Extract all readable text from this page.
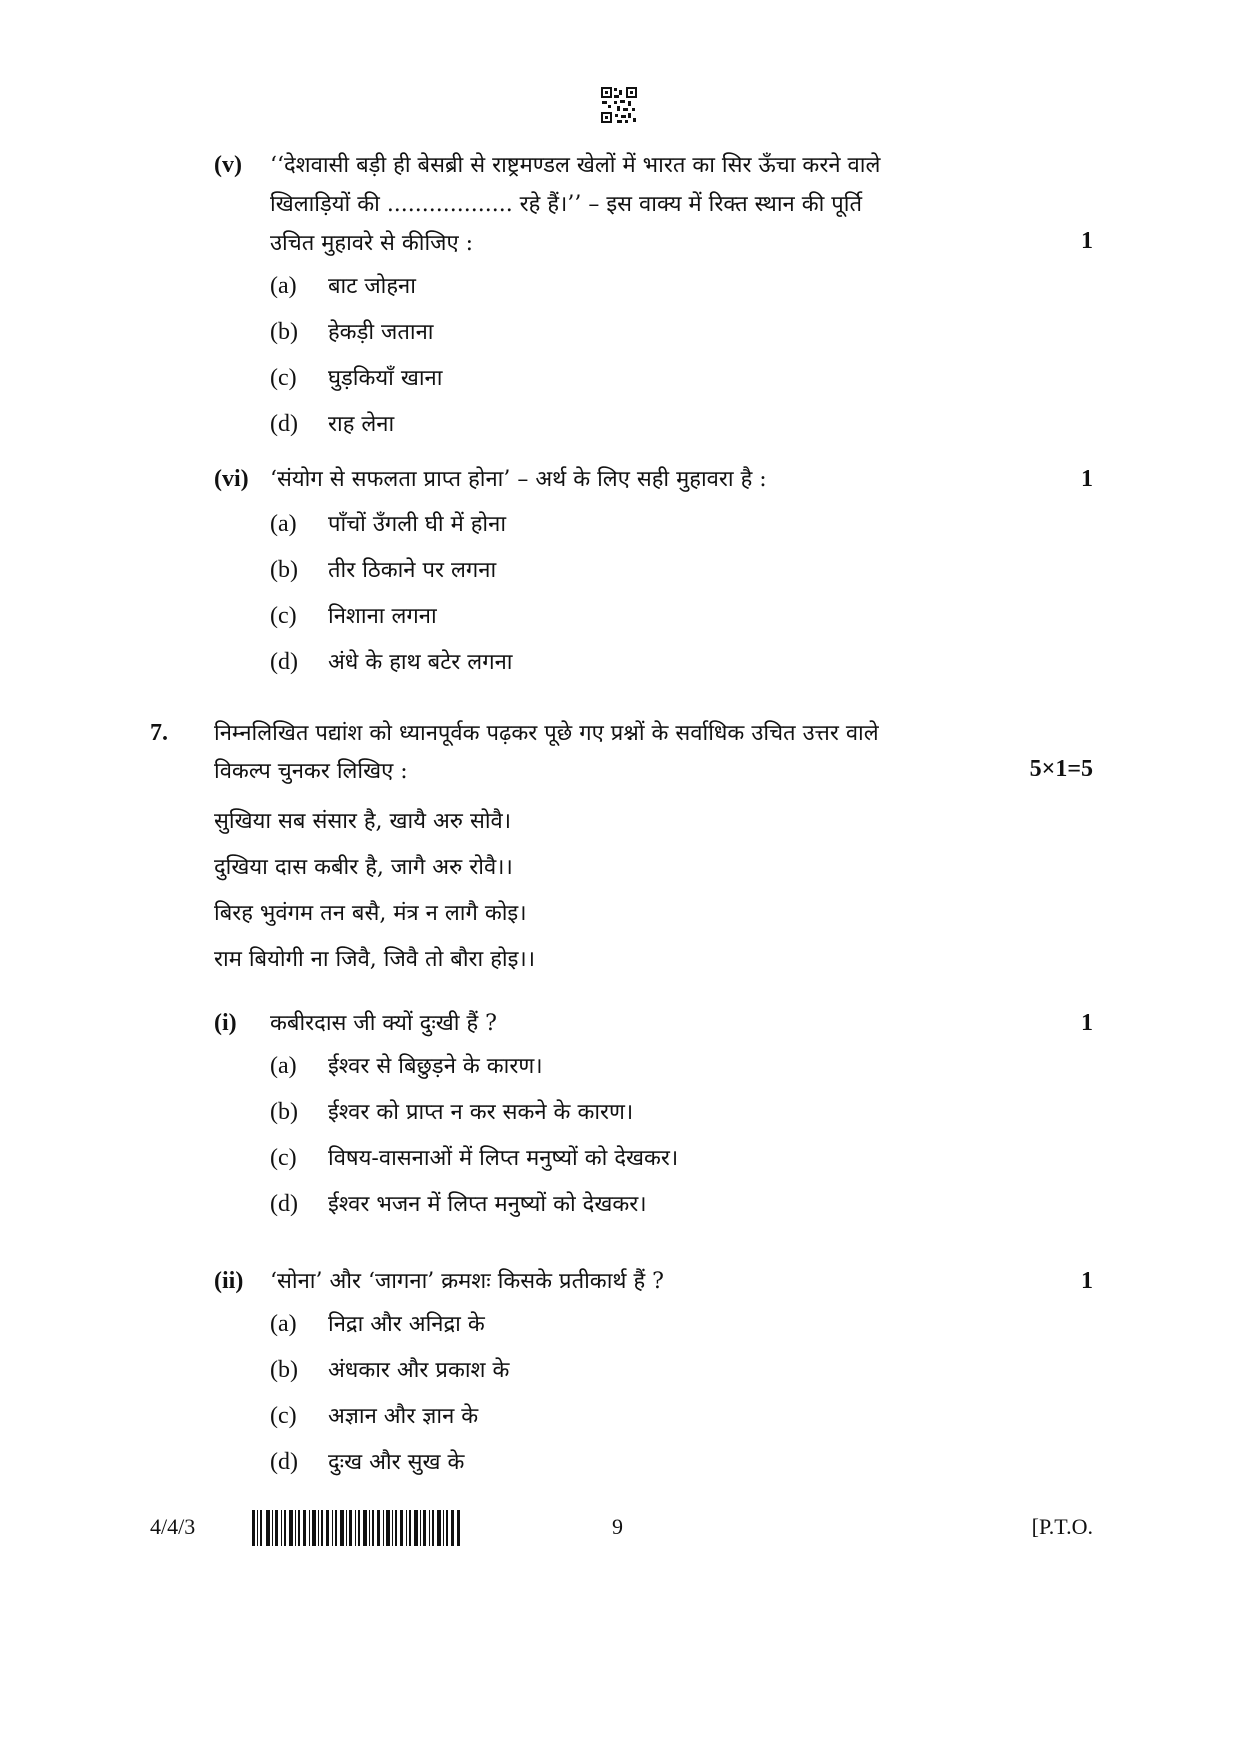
(v) ‘‘देशवासी बड़ी ही बेसब्री से राष्ट्रमण्डल खेलों में भारत का सिर ऊँचा करने वाले
खिलाड़ियों की .................. रहे हैं।’’ – इस वाक्य में रिक्त स्थान की पूर्ति
उचित मुहावरे से कीजिए :	1
(a) बाट जोहना
(b) हेकड़ी जताना
(c) घुड़कियाँ खाना
(d) राह लेना
(vi) ‘संयोग से सफलता प्राप्त होना’ – अर्थ के लिए सही मुहावरा है :	1
(a) पाँचों उँगली घी में होना
(b) तीर ठिकाने पर लगना
(c) निशाना लगना
(d) अंधे के हाथ बटेर लगना
7. निम्नलिखित पद्यांश को ध्यानपूर्वक पढ़कर पूछे गए प्रश्नों के सर्वाधिक उचित उत्तर वाले
विकल्प चुनकर लिखिए :	5×1=5
सुखिया सब संसार है, खायै अरु सोवै।
दुखिया दास कबीर है, जागै अरु रोवै।।
बिरह भुवंगम तन बसै, मंत्र न लागै कोइ।
राम बियोगी ना जिवै, जिवै तो बौरा होइ।।
(i) कबीरदास जी क्यों दुःखी हैं ?	1
(a) ईश्वर से बिछुड़ने के कारण।
(b) ईश्वर को प्राप्त न कर सकने के कारण।
(c) विषय-वासनाओं में लिप्त मनुष्यों को देखकर।
(d) ईश्वर भजन में लिप्त मनुष्यों को देखकर।
(ii) ‘सोना’ और ‘जागना’ क्रमशः किसके प्रतीकार्थ हैं ?	1
(a) निद्रा और अनिद्रा के
(b) अंधकार और प्रकाश के
(c) अज्ञान और ज्ञान के
(d) दुःख और सुख के
4/4/3	9	[P.T.O.
